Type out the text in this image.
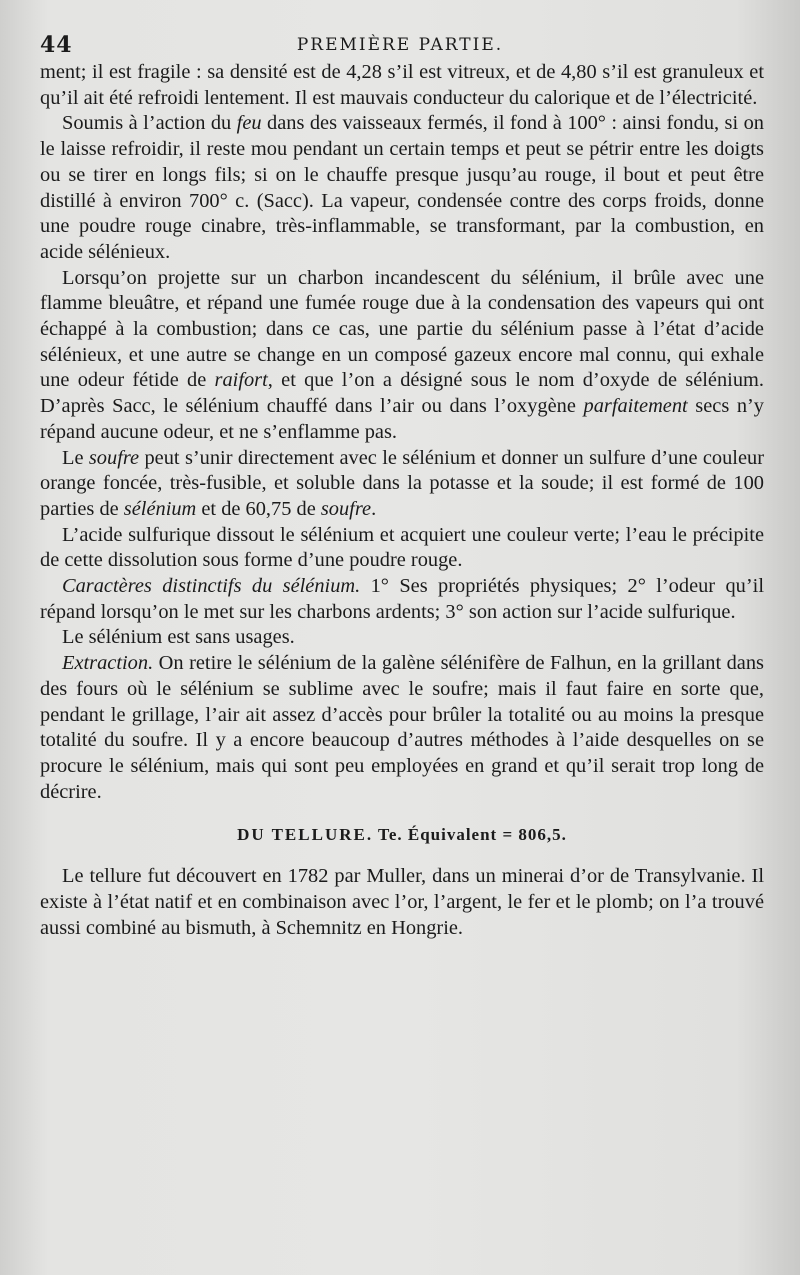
44	PREMIÈRE PARTIE.

ment; il est fragile : sa densité est de 4,28 s’il est vitreux, et de 4,80 s’il est granuleux et qu’il ait été refroidi lentement. Il est mauvais conducteur du calorique et de l’électricité.

Soumis à l’action du feu dans des vaisseaux fermés, il fond à 100° : ainsi fondu, si on le laisse refroidir, il reste mou pendant un certain temps et peut se pétrir entre les doigts ou se tirer en longs fils; si on le chauffe presque jusqu’au rouge, il bout et peut être distillé à environ 700° c. (Sacc). La vapeur, condensée contre des corps froids, donne une poudre rouge cinabre, très-inflammable, se transformant, par la combustion, en acide sélénieux.

Lorsqu’on projette sur un charbon incandescent du sélénium, il brûle avec une flamme bleuâtre, et répand une fumée rouge due à la condensation des vapeurs qui ont échappé à la combustion; dans ce cas, une partie du sélénium passe à l’état d’acide sélénieux, et une autre se change en un composé gazeux encore mal connu, qui exhale une odeur fétide de raifort, et que l’on a désigné sous le nom d’oxyde de sélénium. D’après Sacc, le sélénium chauffé dans l’air ou dans l’oxygène parfaitement secs n’y répand aucune odeur, et ne s’enflamme pas.

Le soufre peut s’unir directement avec le sélénium et donner un sulfure d’une couleur orange foncée, très-fusible, et soluble dans la potasse et la soude; il est formé de 100 parties de sélénium et de 60,75 de soufre.

L’acide sulfurique dissout le sélénium et acquiert une couleur verte; l’eau le précipite de cette dissolution sous forme d’une poudre rouge.

Caractères distinctifs du sélénium. 1° Ses propriétés physiques; 2° l’odeur qu’il répand lorsqu’on le met sur les charbons ardents; 3° son action sur l’acide sulfurique.

Le sélénium est sans usages.

Extraction. On retire le sélénium de la galène sélénifère de Falhun, en la grillant dans des fours où le sélénium se sublime avec le soufre; mais il faut faire en sorte que, pendant le grillage, l’air ait assez d’accès pour brûler la totalité ou au moins la presque totalité du soufre. Il y a encore beaucoup d’autres méthodes à l’aide desquelles on se procure le sélénium, mais qui sont peu employées en grand et qu’il serait trop long de décrire.

DU TELLURE. Te. Équivalent = 806,5.

Le tellure fut découvert en 1782 par Muller, dans un minerai d’or de Transylvanie. Il existe à l’état natif et en combinaison avec l’or, l’argent, le fer et le plomb; on l’a trouvé aussi combiné au bismuth, à Schemnitz en Hongrie.
